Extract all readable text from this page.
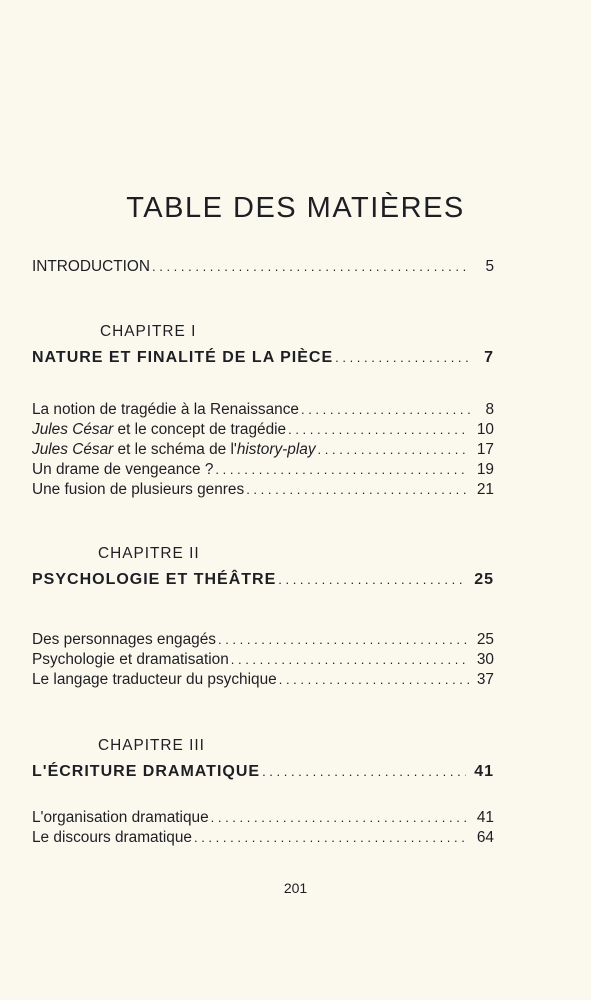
TABLE DES MATIÈRES
INTRODUCTION . . .	5
CHAPITRE I
NATURE ET FINALITÉ DE LA PIÈCE . . .	7
La notion de tragédie à la Renaissance . . .	8
Jules César et le concept de tragédie . . .	10
Jules César et le schéma de l'history-play . . .	17
Un drame de vengeance ? . . .	19
Une fusion de plusieurs genres . . .	21
CHAPITRE II
PSYCHOLOGIE ET THÉÂTRE . . .	25
Des personnages engagés . . .	25
Psychologie et dramatisation . . .	30
Le langage traducteur du psychique . . .	37
CHAPITRE III
L'ÉCRITURE DRAMATIQUE . . .	41
L'organisation dramatique . . .	41
Le discours dramatique . . .	64
201
